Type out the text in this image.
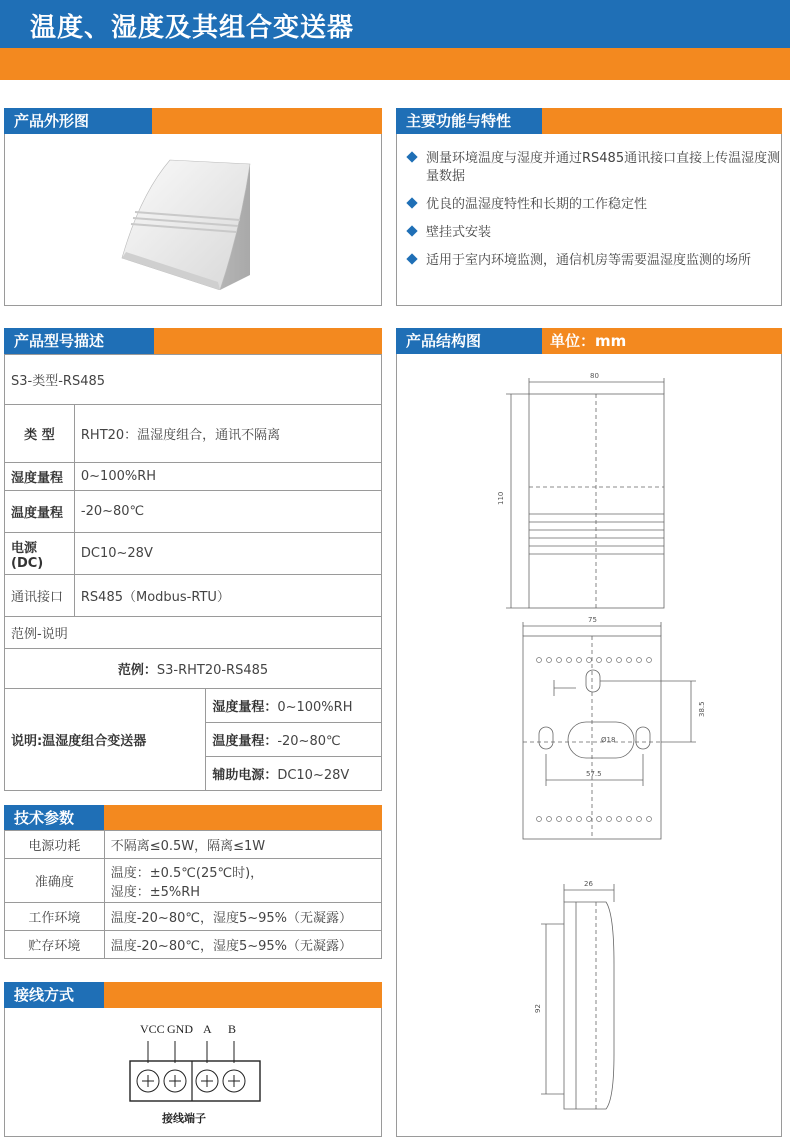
温度、湿度及其组合变送器
产品外形图	主要功能与特性
测量环境温度与湿度并通过RS485通讯接口直接上传温湿度测量数据
优良的温湿度特性和长期的工作稳定性
壁挂式安装
适用于室内环境监测，通信机房等需要温湿度监测的场所
产品型号描述
S3-类型-RS485		
类 型	RHT20：温湿度组合，通讯不隔离	
湿度量程	0~100%RH	
温度量程	-20~80℃	
电源(DC)	DC10~28V	
通讯接口	RS485（Modbus-RTU）	
范例-说明		
范例：S3-RHT20-RS485		
说明:温湿度组合变送器		湿度量程：0~100%RH
		温度量程：-20~80℃
		辅助电源：DC10~28V
技术参数
电源功耗	不隔离≤0.5W，隔离≤1W
准确度	温度：±0.5℃(25℃时)，
湿度：±5%RH

工作环境	温度-20~80℃，湿度5~95%（无凝露）
贮存环境	温度-20~80℃，湿度5~95%（无凝露）
接线方式
VCC GND A B
接线端子
产品结构图	单位：mm
80
110
75
57.5
38.5
Ø18
26
92
